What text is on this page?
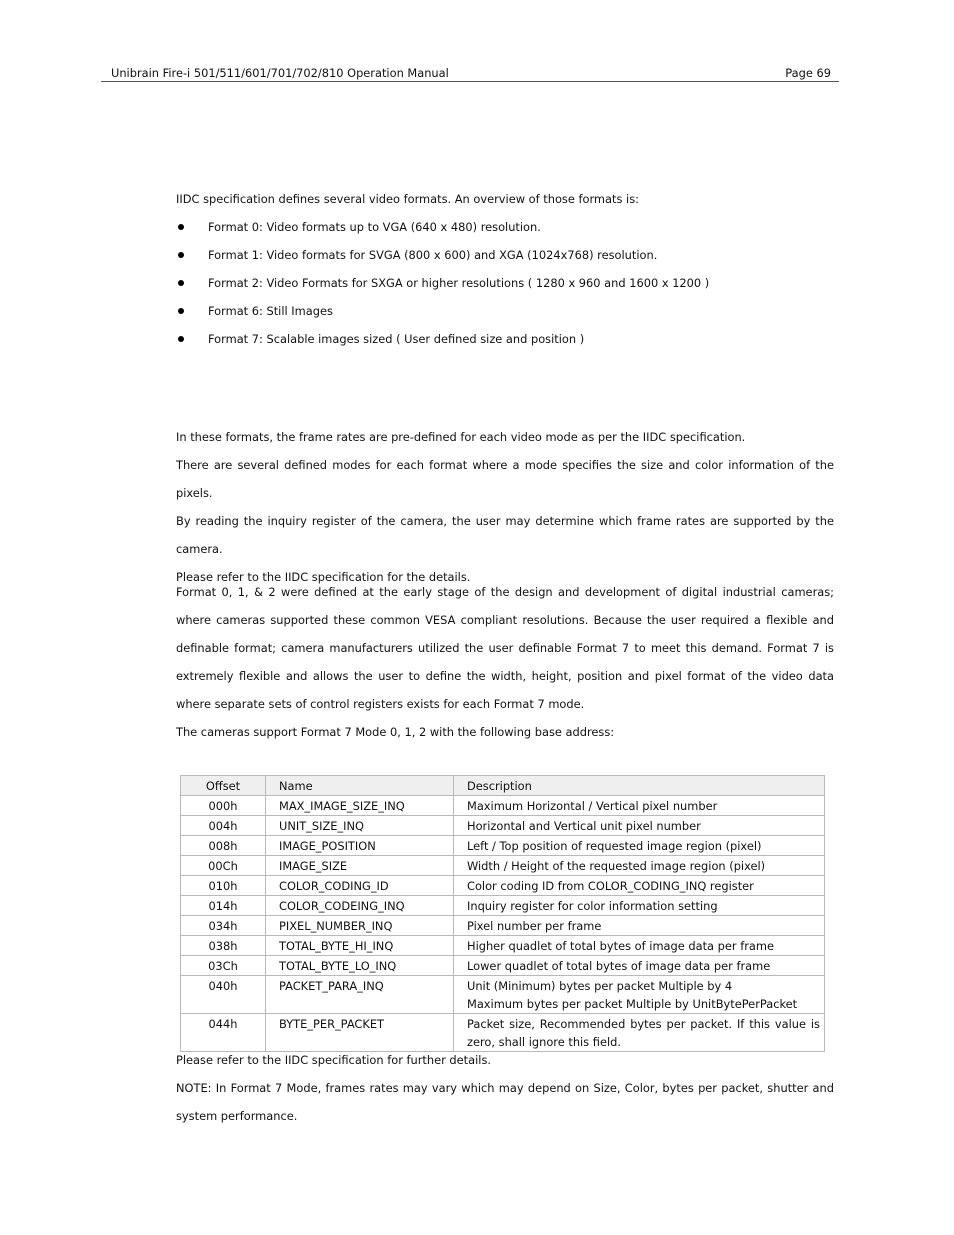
Unibrain Fire-i 501/511/601/701/702/810 Operation Manual	Page 69

IIDC specification defines several video formats. An overview of those formats is:

Format 0: Video formats up to VGA (640 x 480) resolution.
Format 1: Video formats for SVGA (800 x 600) and XGA (1024x768) resolution.
Format 2: Video Formats for SXGA or higher resolutions ( 1280 x 960 and 1600 x 1200 )
Format 6: Still Images
Format 7: Scalable images sized ( User defined size and position )
In these formats, the frame rates are pre-defined for each video mode as per the IIDC specification.
There are several defined modes for each format where a mode specifies the size and color information of the pixels.
By reading the inquiry register of the camera, the user may determine which frame rates are supported by the camera.
Please refer to the IIDC specification for the details.

Format 0, 1, & 2 were defined at the early stage of the design and development of digital industrial cameras; where cameras supported these common VESA compliant resolutions. Because the user required a flexible and definable format; camera manufacturers utilized the user definable Format 7 to meet this demand. Format 7 is extremely flexible and allows the user to define the width, height, position and pixel format of the video data where separate sets of control registers exists for each Format 7 mode.

The cameras support Format 7 Mode 0, 1, 2 with the following base address:

Offset	Name	Description
000h	MAX_IMAGE_SIZE_INQ	Maximum Horizontal / Vertical pixel number
004h	UNIT_SIZE_INQ	Horizontal and Vertical unit pixel number
008h	IMAGE_POSITION	Left / Top position of requested image region (pixel)
00Ch	IMAGE_SIZE	Width / Height of the requested image region (pixel)
010h	COLOR_CODING_ID	Color coding ID from COLOR_CODING_INQ register
014h	COLOR_CODEING_INQ	Inquiry register for color information setting
034h	PIXEL_NUMBER_INQ	Pixel number per frame
038h	TOTAL_BYTE_HI_INQ	Higher quadlet of total bytes of image data per frame
03Ch	TOTAL_BYTE_LO_INQ	Lower quadlet of total bytes of image data per frame
040h	PACKET_PARA_INQ	Unit (Minimum) bytes per packet Multiple by 4
Maximum bytes per packet Multiple by UnitBytePerPacket

044h	BYTE_PER_PACKET	Packet size, Recommended bytes per packet. If this value is zero, shall ignore this field.

Please refer to the IIDC specification for further details.

NOTE: In Format 7 Mode, frames rates may vary which may depend on Size, Color, bytes per packet, shutter and system performance.
